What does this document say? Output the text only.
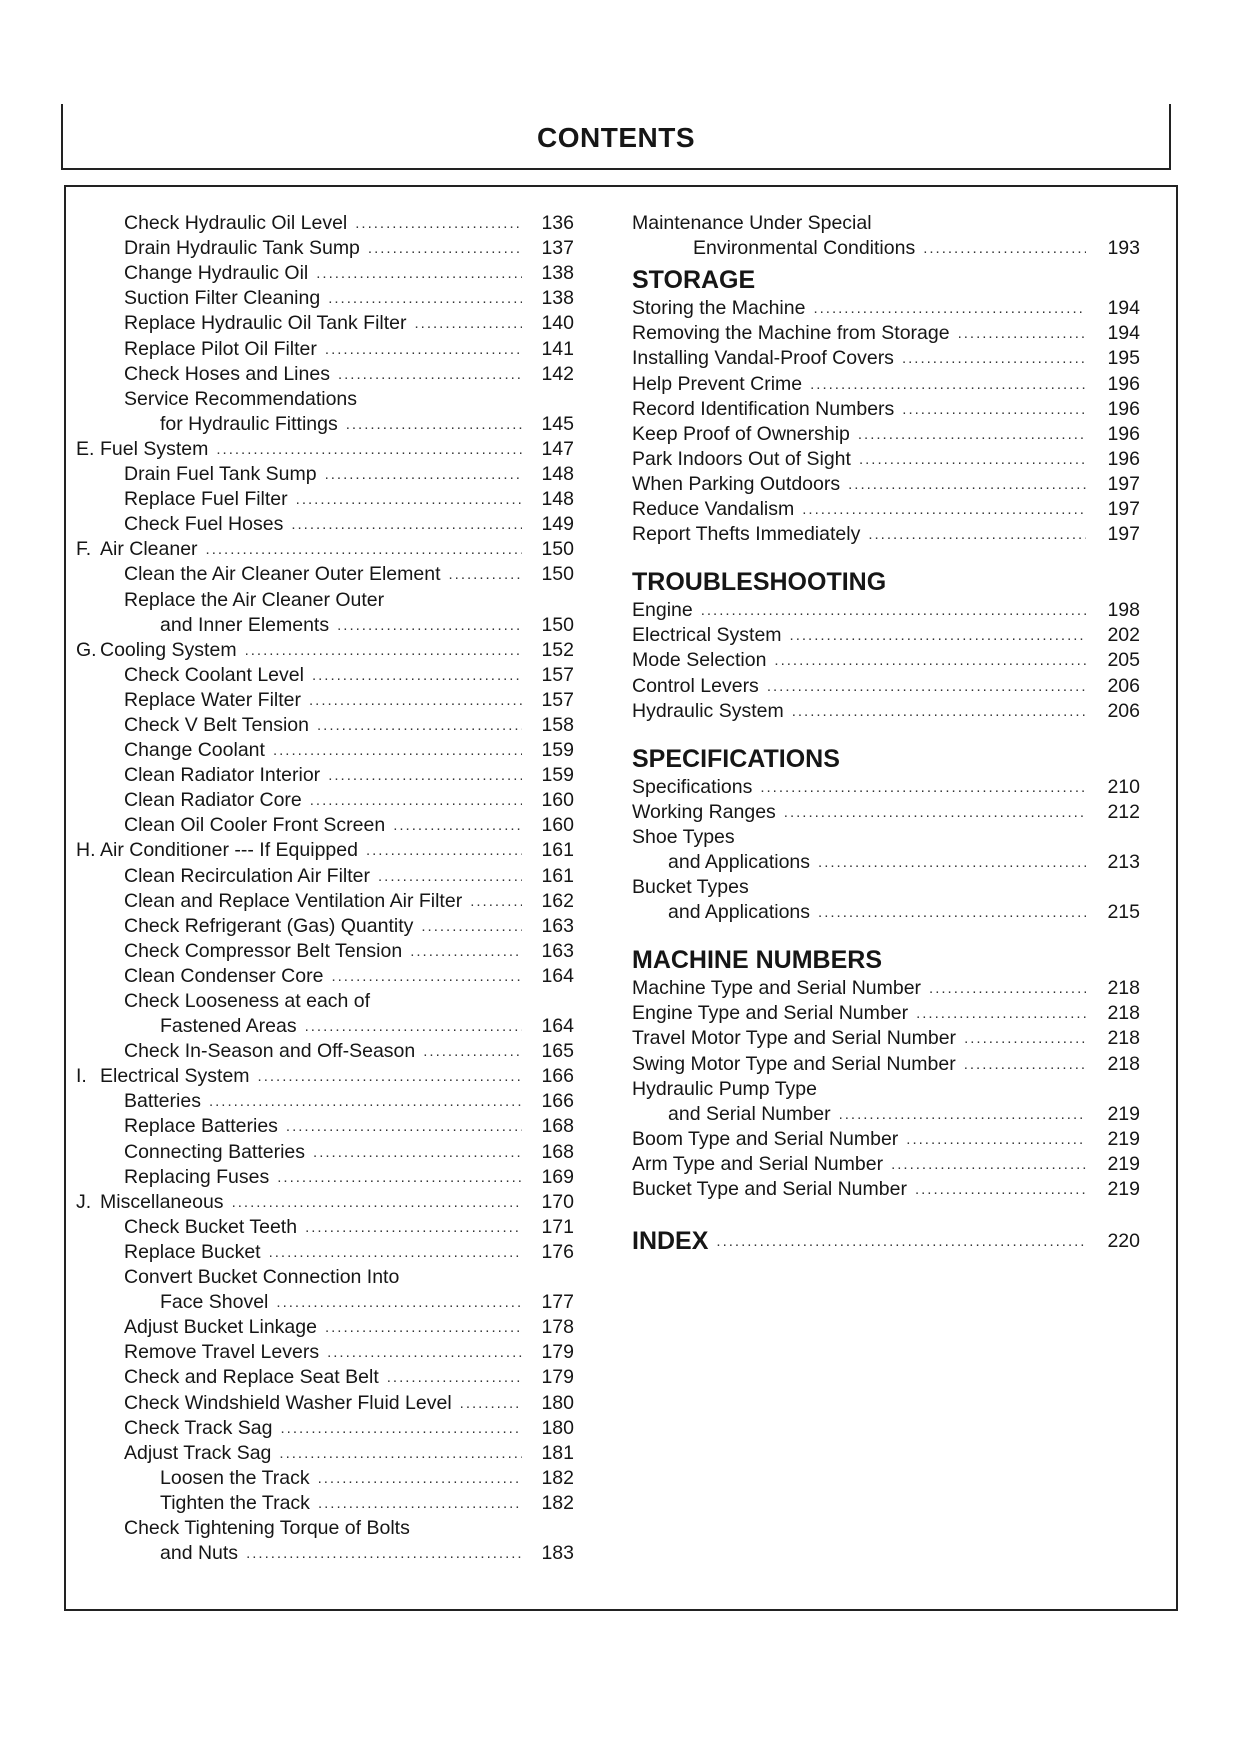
CONTENTS
Check Hydraulic Oil Level .....	136
Drain Hydraulic Tank Sump .....	137
Change Hydraulic Oil .....	138
Suction Filter Cleaning .....	138
Replace Hydraulic Oil Tank Filter .....	140
Replace Pilot Oil Filter .....	141
Check Hoses and Lines .....	142
Service Recommendations
for Hydraulic Fittings .....	145
E. Fuel System .....	147
Drain Fuel Tank Sump .....	148
Replace Fuel Filter .....	148
Check Fuel Hoses .....	149
F. Air Cleaner .....	150
Clean the Air Cleaner Outer Element .....	150
Replace the Air Cleaner Outer
and Inner Elements .....	150
G. Cooling System .....	152
Check Coolant Level .....	157
Replace Water Filter .....	157
Check V Belt Tension .....	158
Change Coolant .....	159
Clean Radiator Interior .....	159
Clean Radiator Core .....	160
Clean Oil Cooler Front Screen .....	160
H. Air Conditioner --- If Equipped .....	161
Clean Recirculation Air Filter .....	161
Clean and Replace Ventilation Air Filter .....	162
Check Refrigerant (Gas) Quantity .....	163
Check Compressor Belt Tension .....	163
Clean Condenser Core .....	164
Check Looseness at each of
Fastened Areas .....	164
Check In-Season and Off-Season .....	165
I. Electrical System .....	166
Batteries .....	166
Replace Batteries .....	168
Connecting Batteries .....	168
Replacing Fuses .....	169
J. Miscellaneous .....	170
Check Bucket Teeth .....	171
Replace Bucket .....	176
Convert Bucket Connection Into
Face Shovel .....	177
Adjust Bucket Linkage .....	178
Remove Travel Levers .....	179
Check and Replace Seat Belt .....	179
Check Windshield Washer Fluid Level .....	180
Check Track Sag .....	180
Adjust Track Sag .....	181
Loosen the Track .....	182
Tighten the Track .....	182
Check Tightening Torque of Bolts
and Nuts .....	183
Maintenance Under Special
Environmental Conditions .....	193
STORAGE
Storing the Machine .....	194
Removing the Machine from Storage .....	194
Installing Vandal-Proof Covers .....	195
Help Prevent Crime .....	196
Record Identification Numbers .....	196
Keep Proof of Ownership .....	196
Park Indoors Out of Sight .....	196
When Parking Outdoors .....	197
Reduce Vandalism .....	197
Report Thefts Immediately .....	197
TROUBLESHOOTING
Engine .....	198
Electrical System .....	202
Mode Selection .....	205
Control Levers .....	206
Hydraulic System .....	206
SPECIFICATIONS
Specifications .....	210
Working Ranges .....	212
Shoe Types
and Applications .....	213
Bucket Types
and Applications .....	215
MACHINE NUMBERS
Machine Type and Serial Number .....	218
Engine Type and Serial Number .....	218
Travel Motor Type and Serial Number .....	218
Swing Motor Type and Serial Number .....	218
Hydraulic Pump Type
and Serial Number .....	219
Boom Type and Serial Number .....	219
Arm Type and Serial Number .....	219
Bucket Type and Serial Number .....	219
INDEX .....	220
